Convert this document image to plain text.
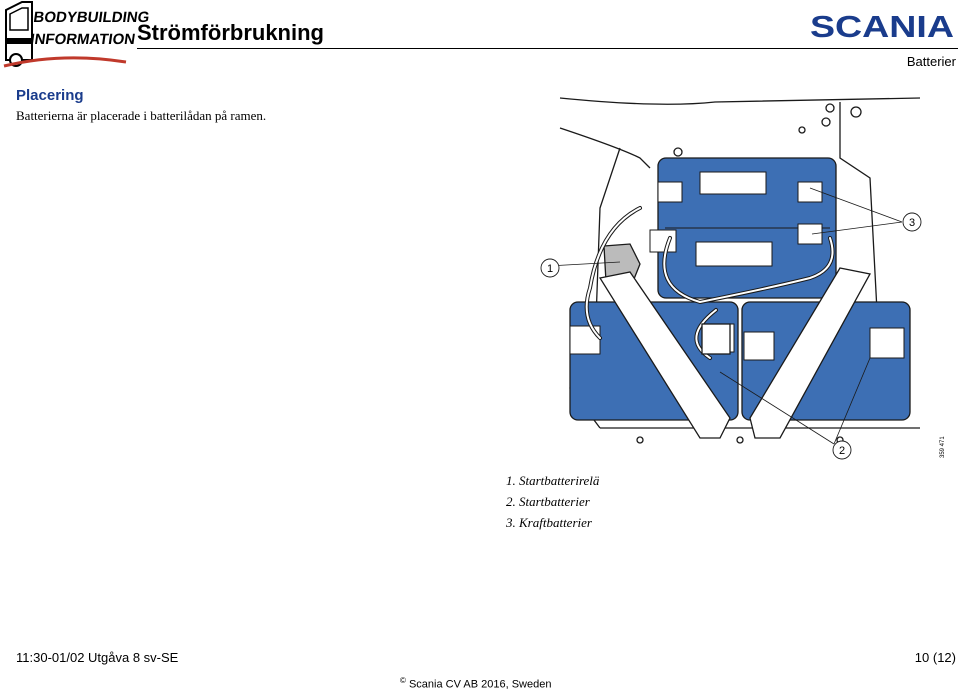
BODYBUILDING
INFORMATION Strömförbrukning	SCANIA
Batterier
Placering
Batterierna är placerade i batterilådan på ramen.
1
3
2	359 471
1. Startbatterirelä
2. Startbatterier
3. Kraftbatterier
11:30-01/02 Utgåva 8 sv-SE	10 (12)
© Scania CV AB 2016, Sweden
